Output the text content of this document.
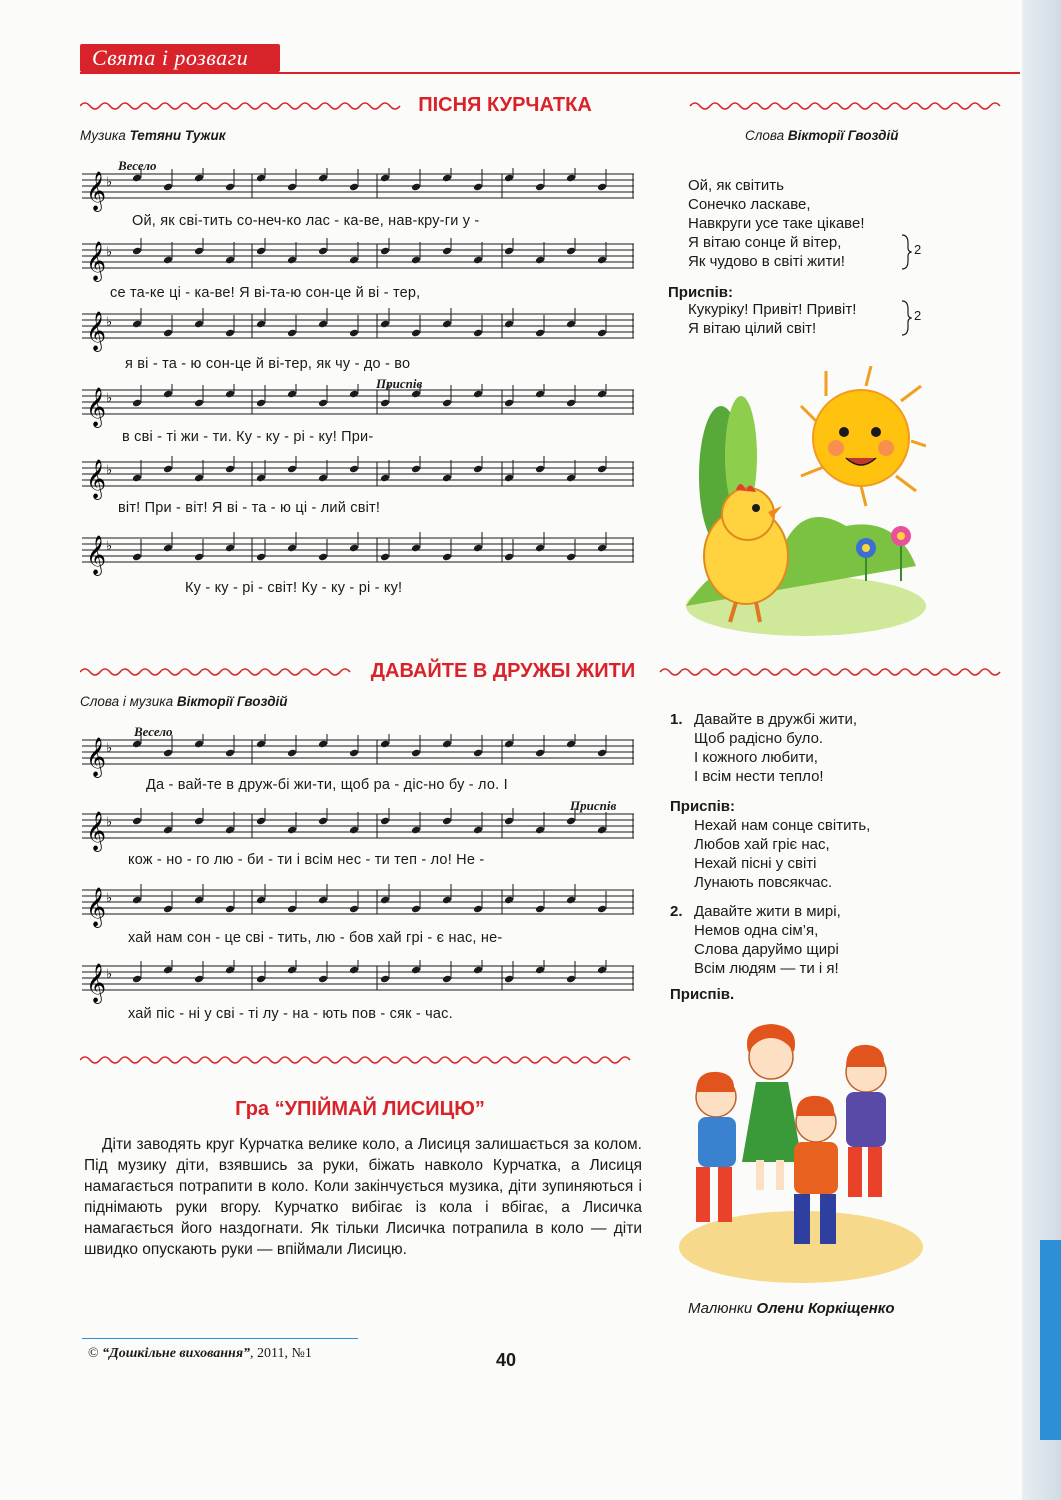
Свята і розваги
ПІСНЯ КУРЧАТКА
Музика Тетяни Тужик	Слова Вікторії Гвоздій
Весело
Приспів
𝄞 ♭
Ой, як сві-тить со-неч-ко лас - ка-ве, нав-кру-ги у -
𝄞 ♭
се та-ке ці - ка-ве! Я ві-та-ю сон-це й ві - тер,
𝄞 ♭
я ві - та - ю сон-це й ві-тер, як чу - до - во
𝄞 ♭
в сві - ті жи - ти. Ку - ку - рі - ку! При-
𝄞 ♭
віт! При - віт! Я ві - та - ю ці - лий світ!
𝄞 ♭
Ку - ку - рі - світ! Ку - ку - рі - ку!

Ой, як світить

Сонечко ласкаве,

Навкруги усе таке цікаве!

Я вітаю сонце й вітер,

Як чудово в світі жити!

2
Приспів:

Кукуріку! Привіт! Привіт!

Я вітаю цілий світ!

2
ДАВАЙТЕ В ДРУЖБІ ЖИТИ
Слова і музика Вікторії Гвоздій
Весело
Приспів
𝄞 ♭
Да - вай-те в друж-бі жи-ти, щоб ра - діс-но бу - ло. І
𝄞 ♭
кож - но - го лю - би - ти і всім нес - ти теп - ло! Не -
𝄞 ♭
хай нам сон - це сві - тить, лю - бов хай грі - є нас, не-
𝄞 ♭
хай піс - ні у сві - ті лу - на - ють пов - сяк - час.
1. Давайте в дружбі жити,

Щоб радісно було.

І кожного любити,

І всім нести тепло!

Приспів:

Нехай нам сонце світить,

Любов хай гріє нас,

Нехай пісні у світі

Лунають повсякчас.

2. Давайте жити в мирі,

Немов одна сім’я,

Слова даруймо щирі

Всім людям — ти і я!

Приспів.
Гра “УПІЙМАЙ ЛИСИЦЮ”
Діти заводять круг Курчатка велике коло, а Лисиця залишається за колом. Під музику діти, взявшись за руки, біжать навколо Курчатка, а Лисиця намагається потрапити в коло. Коли закінчується музика, діти зупиняються і піднімають руки вгору. Курчатко вибігає із кола і вбігає, а Лисичка намагається його наздогнати. Як тільки Лисичка потрапила в коло — діти швидко опускають руки — впіймали Лисицю.
Малюнки Олени Коркіщенко
© “Дошкільне виховання”, 2011, №1	40
